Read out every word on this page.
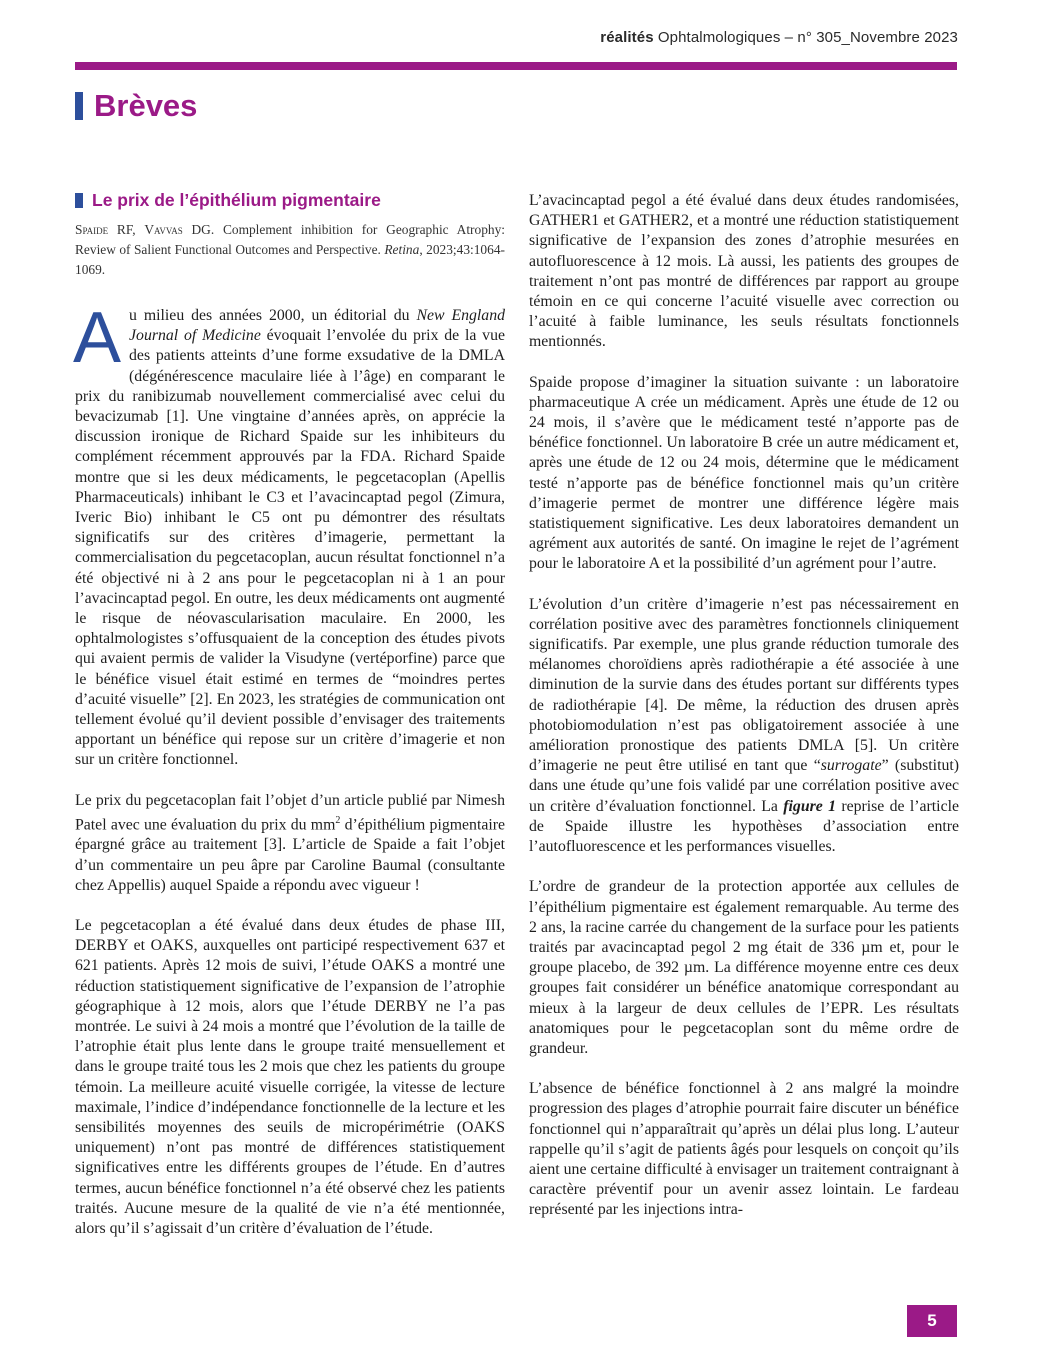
réalités Ophtalmologiques – n° 305_Novembre 2023
Brèves
Le prix de l’épithélium pigmentaire
Spaide RF, Vavvas DG. Complement inhibition for Geographic Atrophy: Review of Salient Functional Outcomes and Perspective. Retina, 2023;43:1064-1069.

Au milieu des années 2000, un éditorial du New England Journal of Medicine évoquait l’envolée du prix de la vue des patients atteints d’une forme exsudative de la DMLA (dégénérescence maculaire liée à l’âge) en comparant le prix du ranibizumab nouvellement commercialisé avec celui du bevacizumab [1]. Une vingtaine d’années après, on apprécie la discussion ironique de Richard Spaide sur les inhibiteurs du complément récemment approuvés par la FDA. Richard Spaide montre que si les deux médicaments, le pegcetacoplan (Apellis Pharmaceuticals) inhibant le C3 et l’avacincaptad pegol (Zimura, Iveric Bio) inhibant le C5 ont pu démontrer des résultats significatifs sur des critères d’imagerie, permettant la commercialisation du pegcetacoplan, aucun résultat fonctionnel n’a été objectivé ni à 2 ans pour le pegcetacoplan ni à 1 an pour l’avacincaptad pegol. En outre, les deux médicaments ont augmenté le risque de néovascularisation maculaire. En 2000, les ophtalmologistes s’offusquaient de la conception des études pivots qui avaient permis de valider la Visudyne (vertéporfine) parce que le bénéfice visuel était estimé en termes de “moindres pertes d’acuité visuelle” [2]. En 2023, les stratégies de communication ont tellement évolué qu’il devient possible d’envisager des traitements apportant un bénéfice qui repose sur un critère d’imagerie et non sur un critère fonctionnel.

Le prix du pegcetacoplan fait l’objet d’un article publié par Nimesh Patel avec une évaluation du prix du $mm^2$ d’épithélium pigmentaire épargné grâce au traitement [3]. L’article de Spaide a fait l’objet d’un commentaire un peu âpre par Caroline Baumal (consultante chez Appellis) auquel Spaide a répondu avec vigueur !

Le pegcetacoplan a été évalué dans deux études de phase III, DERBY et OAKS, auxquelles ont participé respectivement 637 et 621 patients. Après 12 mois de suivi, l’étude OAKS a montré une réduction statistiquement significative de l’expansion de l’atrophie géographique à 12 mois, alors que l’étude DERBY ne l’a pas montrée. Le suivi à 24 mois a montré que l’évolution de la taille de l’atrophie était plus lente dans le groupe traité mensuellement et dans le groupe traité tous les 2 mois que chez les patients du groupe témoin. La meilleure acuité visuelle corrigée, la vitesse de lecture maximale, l’indice d’indépendance fonctionnelle de la lecture et les sensibilités moyennes des seuils de micropérimétrie (OAKS uniquement) n’ont pas montré de différences statistiquement significatives entre les différents groupes de l’étude. En d’autres termes, aucun bénéfice fonctionnel n’a été observé chez les patients traités. Aucune mesure de la qualité de vie n’a été mentionnée, alors qu’il s’agissait d’un critère d’évaluation de l’étude.

L’avacincaptad pegol a été évalué dans deux études randomisées, GATHER1 et GATHER2, et a montré une réduction statistiquement significative de l’expansion des zones d’atrophie mesurées en autofluorescence à 12 mois. Là aussi, les patients des groupes de traitement n’ont pas montré de différences par rapport au groupe témoin en ce qui concerne l’acuité visuelle avec correction ou l’acuité à faible luminance, les seuls résultats fonctionnels mentionnés.

Spaide propose d’imaginer la situation suivante : un laboratoire pharmaceutique A crée un médicament. Après une étude de 12 ou 24 mois, il s’avère que le médicament testé n’apporte pas de bénéfice fonctionnel. Un laboratoire B crée un autre médicament et, après une étude de 12 ou 24 mois, détermine que le médicament testé n’apporte pas de bénéfice fonctionnel mais qu’un critère d’imagerie permet de montrer une différence légère mais statistiquement significative. Les deux laboratoires demandent un agrément aux autorités de santé. On imagine le rejet de l’agrément pour le laboratoire A et la possibilité d’un agrément pour l’autre.

L’évolution d’un critère d’imagerie n’est pas nécessairement en corrélation positive avec des paramètres fonctionnels cliniquement significatifs. Par exemple, une plus grande réduction tumorale des mélanomes choroïdiens après radiothérapie a été associée à une diminution de la survie dans des études portant sur différents types de radiothérapie [4]. De même, la réduction des drusen après photobiomodulation n’est pas obligatoirement associée à une amélioration pronostique des patients DMLA [5]. Un critère d’imagerie ne peut être utilisé en tant que “surrogate” (substitut) dans une étude qu’une fois validé par une corrélation positive avec un critère d’évaluation fonctionnel. La figure 1 reprise de l’article de Spaide illustre les hypothèses d’association entre l’autofluorescence et les performances visuelles.

L’ordre de grandeur de la protection apportée aux cellules de l’épithélium pigmentaire est également remarquable. Au terme des 2 ans, la racine carrée du changement de la surface pour les patients traités par avacincaptad pegol 2 mg était de 336 µm et, pour le groupe placebo, de 392 µm. La différence moyenne entre ces deux groupes fait considérer un bénéfice anatomique correspondant au mieux à la largeur de deux cellules de l’EPR. Les résultats anatomiques pour le pegcetacoplan sont du même ordre de grandeur.

L’absence de bénéfice fonctionnel à 2 ans malgré la moindre progression des plages d’atrophie pourrait faire discuter un bénéfice fonctionnel qui n’apparaîtrait qu’après un délai plus long. L’auteur rappelle qu’il s’agit de patients âgés pour lesquels on conçoit qu’ils aient une certaine difficulté à envisager un traitement contraignant à caractère préventif pour un avenir assez lointain. Le fardeau représenté par les injections intra-

5
